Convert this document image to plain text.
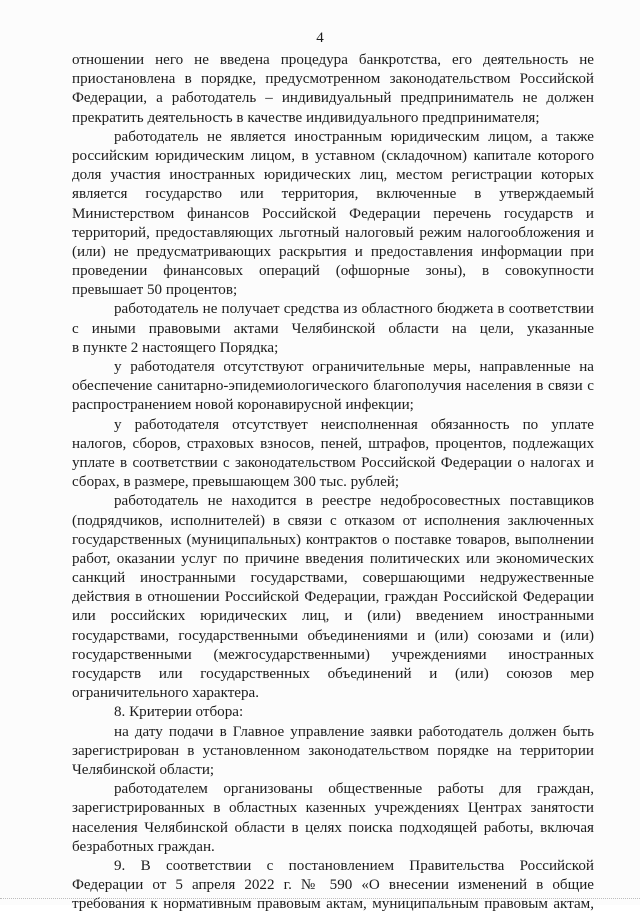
4
отношении него не введена процедура банкротства, его деятельность не
приостановлена в порядке, предусмотренном законодательством Российской
Федерации, а работодатель – индивидуальный предприниматель не должен
прекратить деятельность в качестве индивидуального предпринимателя;
работодатель не является иностранным юридическим лицом, а также
российским юридическим лицом, в уставном (складочном) капитале которого
доля участия иностранных юридических лиц, местом регистрации которых
является государство или территория, включенные в утверждаемый
Министерством финансов Российской Федерации перечень государств и
территорий, предоставляющих льготный налоговый режим налогообложения и
(или) не предусматривающих раскрытия и предоставления информации при
проведении финансовых операций (офшорные зоны), в совокупности
превышает 50 процентов;
работодатель не получает средства из областного бюджета в соответствии
с иными правовыми актами Челябинской области на цели, указанные
в пункте 2 настоящего Порядка;
у работодателя отсутствуют ограничительные меры, направленные на
обеспечение санитарно-эпидемиологического благополучия населения в связи с
распространением новой коронавирусной инфекции;
у работодателя отсутствует неисполненная обязанность по уплате
налогов, сборов, страховых взносов, пеней, штрафов, процентов, подлежащих
уплате в соответствии с законодательством Российской Федерации о налогах и
сборах, в размере, превышающем 300 тыс. рублей;
работодатель не находится в реестре недобросовестных поставщиков
(подрядчиков, исполнителей) в связи с отказом от исполнения заключенных
государственных (муниципальных) контрактов о поставке товаров, выполнении
работ, оказании услуг по причине введения политических или экономических
санкций иностранными государствами, совершающими недружественные
действия в отношении Российской Федерации, граждан Российской Федерации
или российских юридических лиц, и (или) введением иностранными
государствами, государственными объединениями и (или) союзами и (или)
государственными (межгосударственными) учреждениями иностранных
государств или государственных объединений и (или) союзов мер
ограничительного характера.
8. Критерии отбора:
на дату подачи в Главное управление заявки работодатель должен быть
зарегистрирован в установленном законодательством порядке на территории
Челябинской области;
работодателем организованы общественные работы для граждан,
зарегистрированных в областных казенных учреждениях Центрах занятости
населения Челябинской области в целях поиска подходящей работы, включая
безработных граждан.
9. В соответствии с постановлением Правительства Российской
Федерации от 5 апреля 2022 г. № 590 «О внесении изменений в общие
требования к нормативным правовым актам, муниципальным правовым актам,
